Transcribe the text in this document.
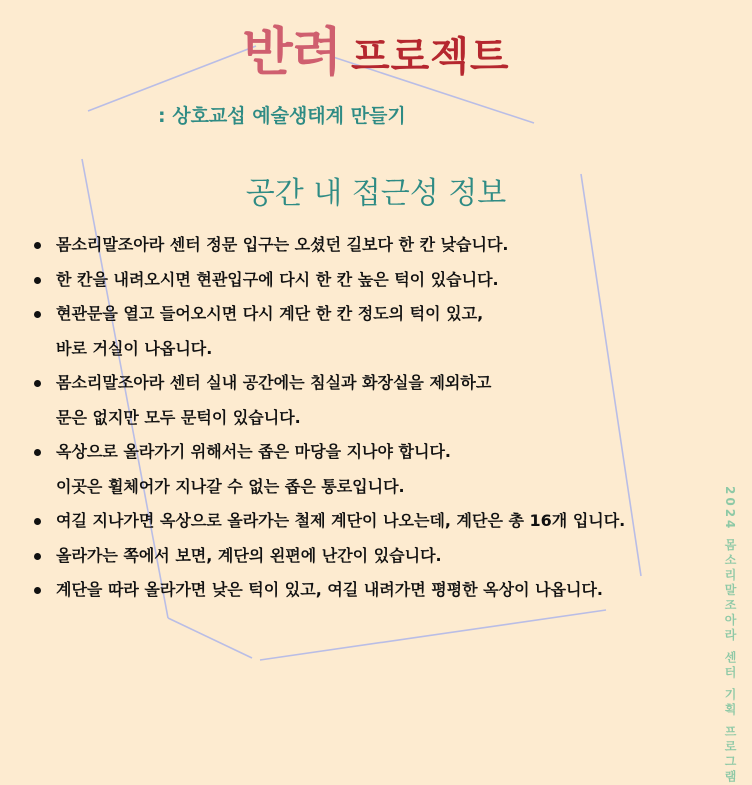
반려 프로젝트
: 상호교섭 예술생태계 만들기
공간 내 접근성 정보
몸소리말조아라 센터 정문 입구는 오셨던 길보다 한 칸 낮습니다.
한 칸을 내려오시면 현관입구에 다시 한 칸 높은 턱이 있습니다.
현관문을 열고 들어오시면 다시 계단 한 칸 정도의 턱이 있고,
바로 거실이 나옵니다.
몸소리말조아라 센터 실내 공간에는 침실과 화장실을 제외하고
문은 없지만 모두 문턱이 있습니다.
옥상으로 올라가기 위해서는 좁은 마당을 지나야 합니다.
이곳은 휠체어가 지나갈 수 없는 좁은 통로입니다.
여길 지나가면 옥상으로 올라가는 철제 계단이 나오는데, 계단은 총 16개 입니다.
올라가는 쪽에서 보면, 계단의 왼편에 난간이 있습니다.
계단을 따라 올라가면 낮은 턱이 있고, 여길 내려가면 평평한 옥상이 나옵니다.	2024 몸소리말조아라 센터 기획 프로그램
